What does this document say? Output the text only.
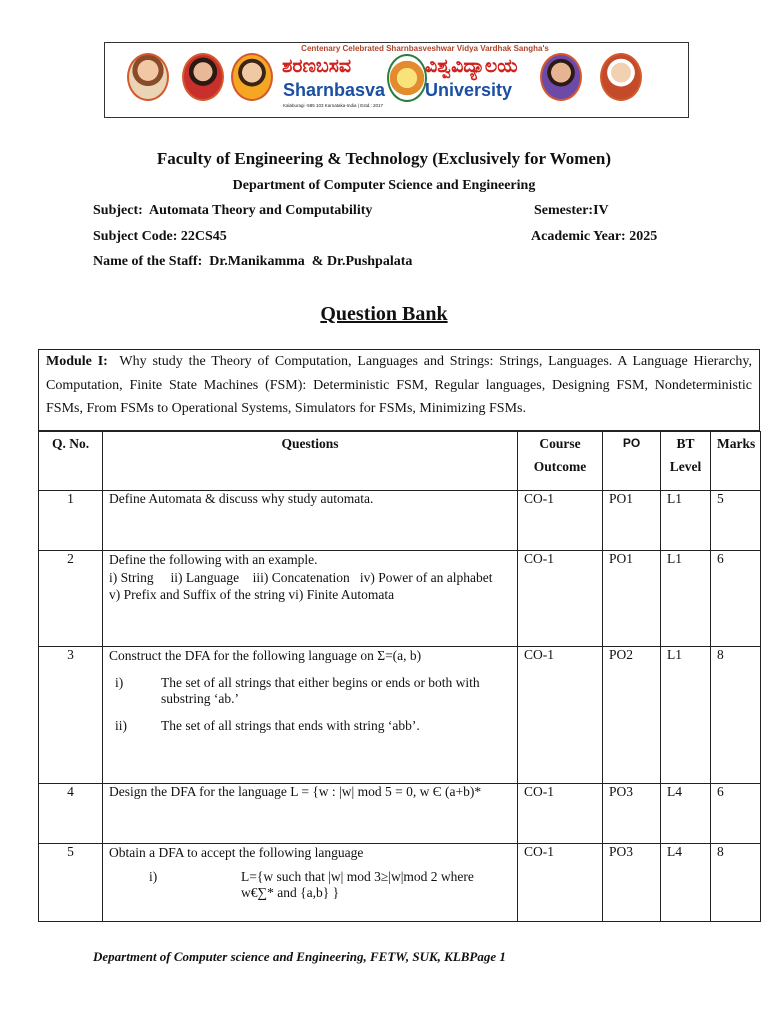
Centenary Celebrated Sharnbasveshwar Vidya Vardhak Sangha's
ಶರಣಬಸವ	ವಿಶ್ವವಿದ್ಯಾಲಯ
Sharnbasva University
Kalaburagi -585 103 Karnataka-India | Estd.: 2017
Faculty of Engineering & Technology (Exclusively for Women)
Department of Computer Science and Engineering
Subject:  Automata Theory and Computability	Semester:IV
Subject Code: 22CS45	Academic Year: 2025
Name of the Staff:  Dr.Manikamma  & Dr.Pushpalata
Question Bank

Module I: Why study the Theory of Computation, Languages and Strings: Strings, Languages. A Language Hierarchy, Computation, Finite State Machines (FSM): Deterministic FSM, Regular languages, Designing FSM, Nondeterministic FSMs, From FSMs to Operational Systems, Simulators for FSMs, Minimizing FSMs.

Q. No.	Questions	Course
Outcome	PO	BT
Level	Marks
1	Define Automata & discuss why study automata.	CO-1	PO1	L1	5
2	Define the following with an example.
i) String     ii) Language    iii) Concatenation   iv) Power of an alphabet    v) Prefix and Suffix of the string vi) Finite Automata	CO-1	PO1	L1	6
3	Construct the DFA for the following language on Σ=(a, b)
i) The set of all strings that either begins or ends or both with substring ‘ab.’
ii) The set of all strings that ends with string ‘abb’.	CO-1	PO2	L1	8
4	Design the DFA for the language L = {w : |w| mod 5 = 0, w Є (a+b)*	CO-1	PO3	L4	6
5	Obtain a DFA to accept the following language
i) L={w such that |w| mod 3≥|w|mod 2 where w€∑* and {a,b} }	CO-1	PO3	L4	8
Department of Computer science and Engineering, FETW, SUK, KLBPage 1
